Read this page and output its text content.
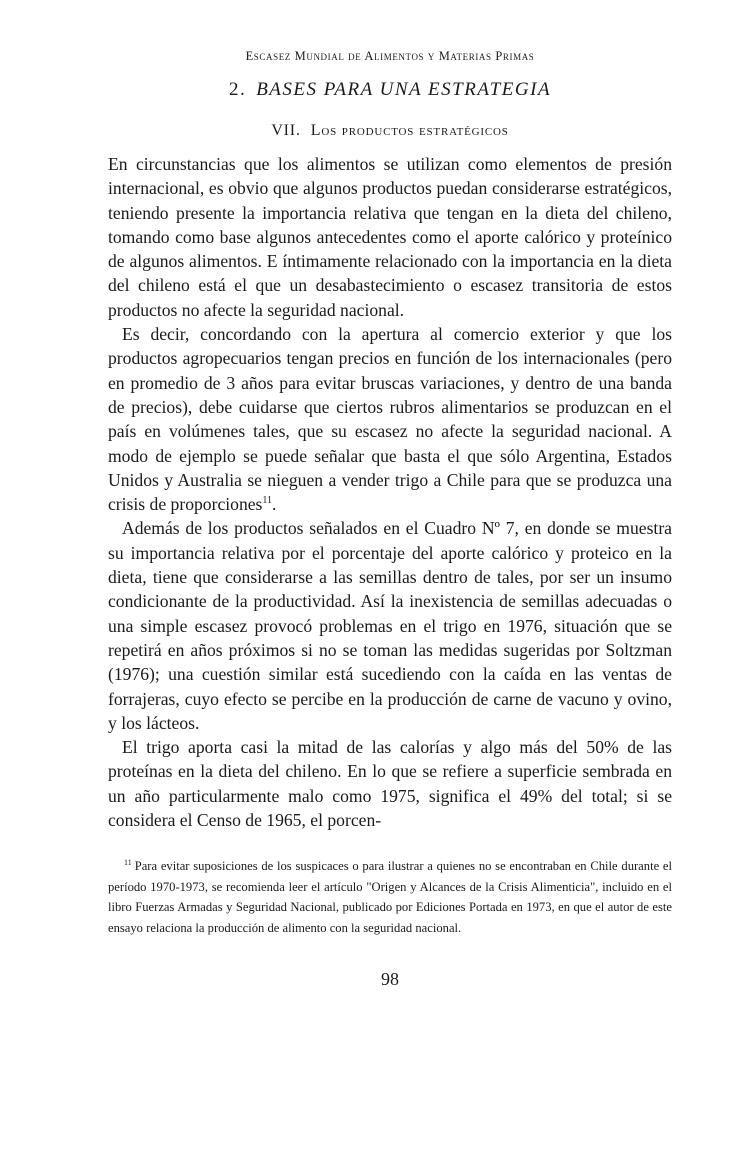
Escasez Mundial de Alimentos y Materias Primas
2. BASES PARA UNA ESTRATEGIA
VII. Los productos estratégicos

En circunstancias que los alimentos se utilizan como elementos de presión internacional, es obvio que algunos productos puedan considerarse estratégicos, teniendo presente la importancia relativa que tengan en la dieta del chileno, tomando como base algunos antecedentes como el aporte calórico y proteínico de algunos alimentos. E íntimamente relacionado con la importancia en la dieta del chileno está el que un desabastecimiento o escasez transitoria de estos productos no afecte la seguridad nacional.

Es decir, concordando con la apertura al comercio exterior y que los productos agropecuarios tengan precios en función de los internacionales (pero en promedio de 3 años para evitar bruscas variaciones, y dentro de una banda de precios), debe cuidarse que ciertos rubros alimentarios se produzcan en el país en volúmenes tales, que su escasez no afecte la seguridad nacional. A modo de ejemplo se puede señalar que basta el que sólo Argentina, Estados Unidos y Australia se nieguen a vender trigo a Chile para que se produzca una crisis de proporciones$^{11}$.

Además de los productos señalados en el Cuadro Nº 7, en donde se muestra su importancia relativa por el porcentaje del aporte calórico y proteico en la dieta, tiene que considerarse a las semillas dentro de tales, por ser un insumo condicionante de la productividad. Así la inexistencia de semillas adecuadas o una simple escasez provocó problemas en el trigo en 1976, situación que se repetirá en años próximos si no se toman las medidas sugeridas por Soltzman (1976); una cuestión similar está sucediendo con la caída en las ventas de forrajeras, cuyo efecto se percibe en la producción de carne de vacuno y ovino, y los lácteos.

El trigo aporta casi la mitad de las calorías y algo más del 50% de las proteínas en la dieta del chileno. En lo que se refiere a superficie sembrada en un año particularmente malo como 1975, significa el 49% del total; si se considera el Censo de 1965, el porcen-

$^{11}$ Para evitar suposiciones de los suspicaces o para ilustrar a quienes no se encontraban en Chile durante el período 1970-1973, se recomienda leer el artículo "Origen y Alcances de la Crisis Alimenticia", incluido en el libro Fuerzas Armadas y Seguridad Nacional, publicado por Ediciones Portada en 1973, en que el autor de este ensayo relaciona la producción de alimento con la seguridad nacional.

98
